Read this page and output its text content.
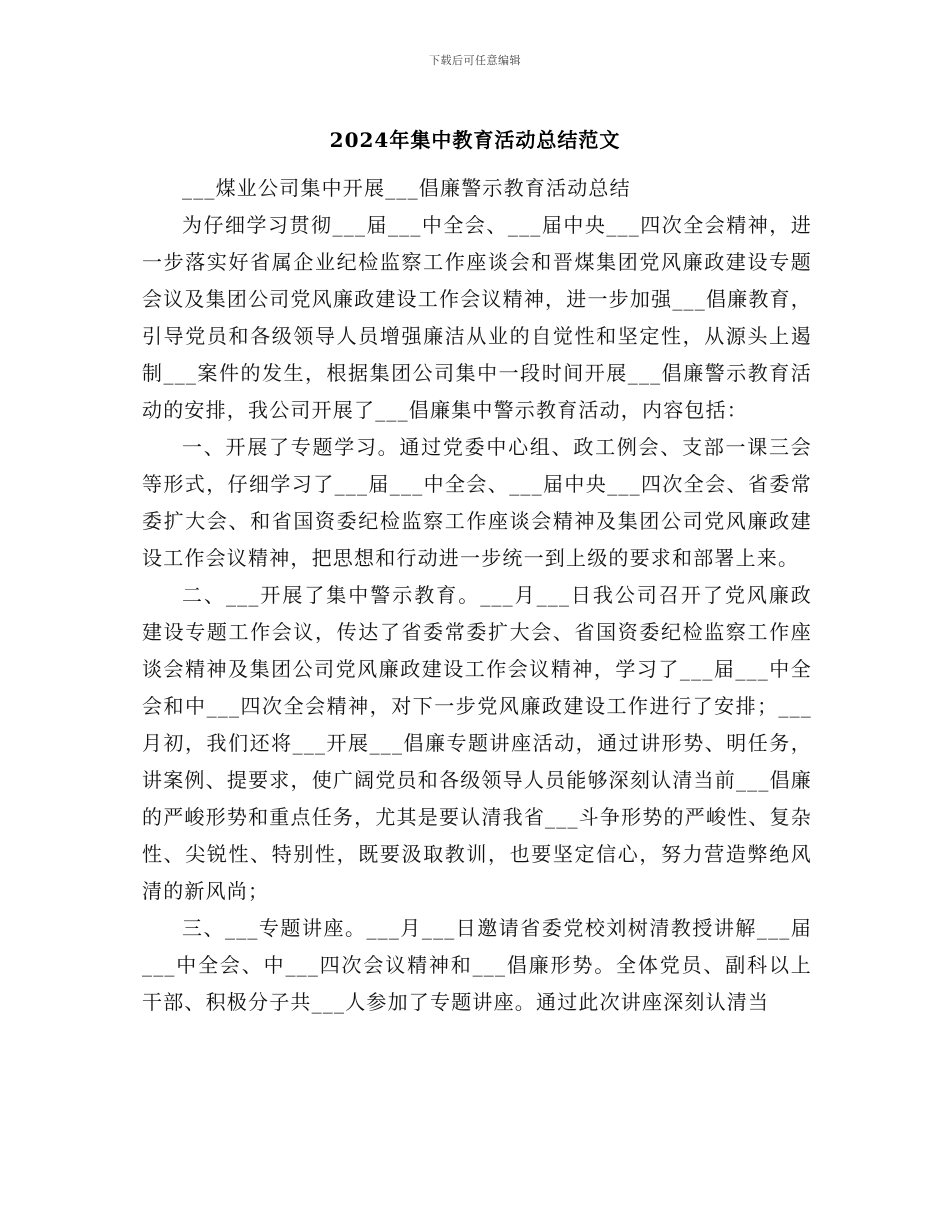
下载后可任意编辑
2024年集中教育活动总结范文

___煤业公司集中开展___倡廉警示教育活动总结

为仔细学习贯彻___届___中全会、___届中央___四次全会精神，进一步落实好省属企业纪检监察工作座谈会和晋煤集团党风廉政建设专题会议及集团公司党风廉政建设工作会议精神，进一步加强___倡廉教育，引导党员和各级领导人员增强廉洁从业的自觉性和坚定性，从源头上遏制___案件的发生，根据集团公司集中一段时间开展___倡廉警示教育活动的安排，我公司开展了___倡廉集中警示教育活动，内容包括：

一、开展了专题学习。通过党委中心组、政工例会、支部一课三会等形式，仔细学习了___届___中全会、___届中央___四次全会、省委常委扩大会、和省国资委纪检监察工作座谈会精神及集团公司党风廉政建设工作会议精神，把思想和行动进一步统一到上级的要求和部署上来。

二、___开展了集中警示教育。___月___日我公司召开了党风廉政建设专题工作会议，传达了省委常委扩大会、省国资委纪检监察工作座谈会精神及集团公司党风廉政建设工作会议精神，学习了___届___中全会和中___四次全会精神，对下一步党风廉政建设工作进行了安排；___月初，我们还将___开展___倡廉专题讲座活动，通过讲形势、明任务，讲案例、提要求，使广阔党员和各级领导人员能够深刻认清当前___倡廉的严峻形势和重点任务，尤其是要认清我省___斗争形势的严峻性、复杂性、尖锐性、特别性，既要汲取教训，也要坚定信心，努力营造弊绝风清的新风尚；

三、___专题讲座。___月___日邀请省委党校刘树清教授讲解___届___中全会、中___四次会议精神和___倡廉形势。全体党员、副科以上干部、积极分子共___人参加了专题讲座。通过此次讲座深刻认清当
